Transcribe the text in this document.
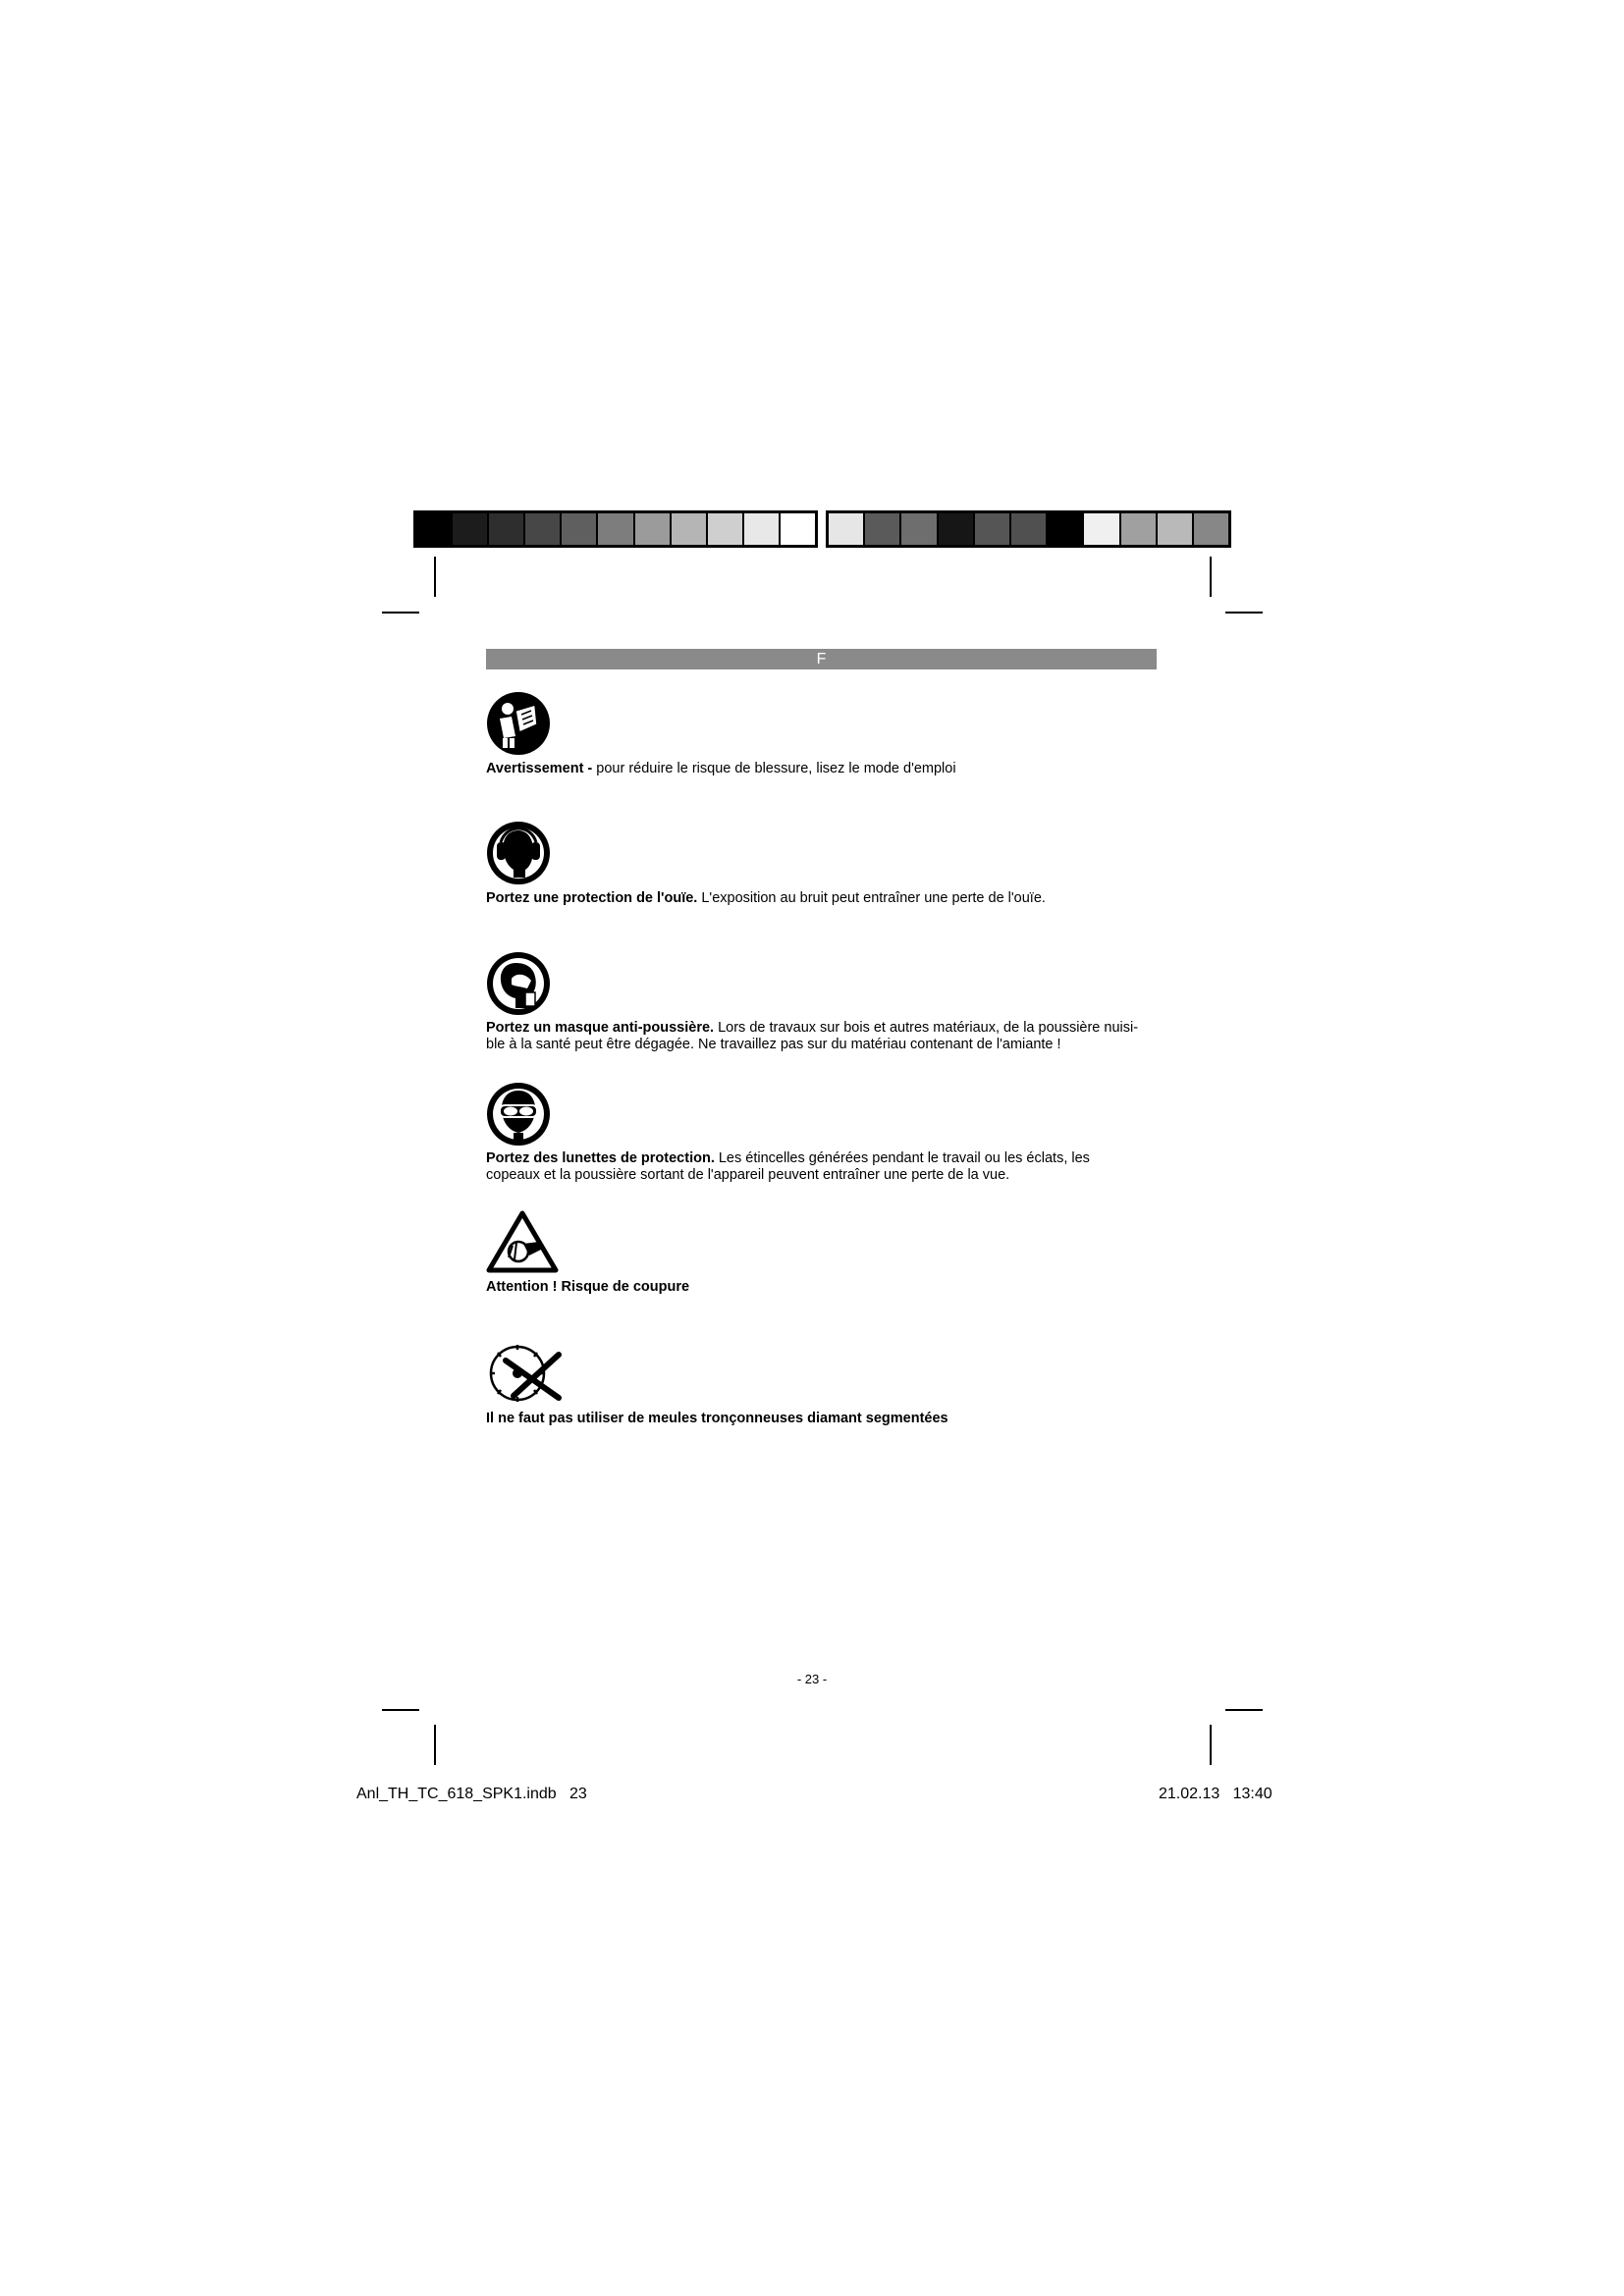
F
Avertissement - pour réduire le risque de blessure, lisez le mode d'emploi
Portez une protection de l'ouïe. L'exposition au bruit peut entraîner une perte de l'ouïe.
Portez un masque anti-poussière. Lors de travaux sur bois et autres matériaux, de la poussière nuisi-
ble à la santé peut être dégagée. Ne travaillez pas sur du matériau contenant de l'amiante !
Portez des lunettes de protection. Les étincelles générées pendant le travail ou les éclats, les
copeaux et la poussière sortant de l'appareil peuvent entraîner une perte de la vue.
Attention ! Risque de coupure
Il ne faut pas utiliser de meules tronçonneuses diamant segmentées
- 23 -
Anl_TH_TC_618_SPK1.indb   23	21.02.13   13:40
